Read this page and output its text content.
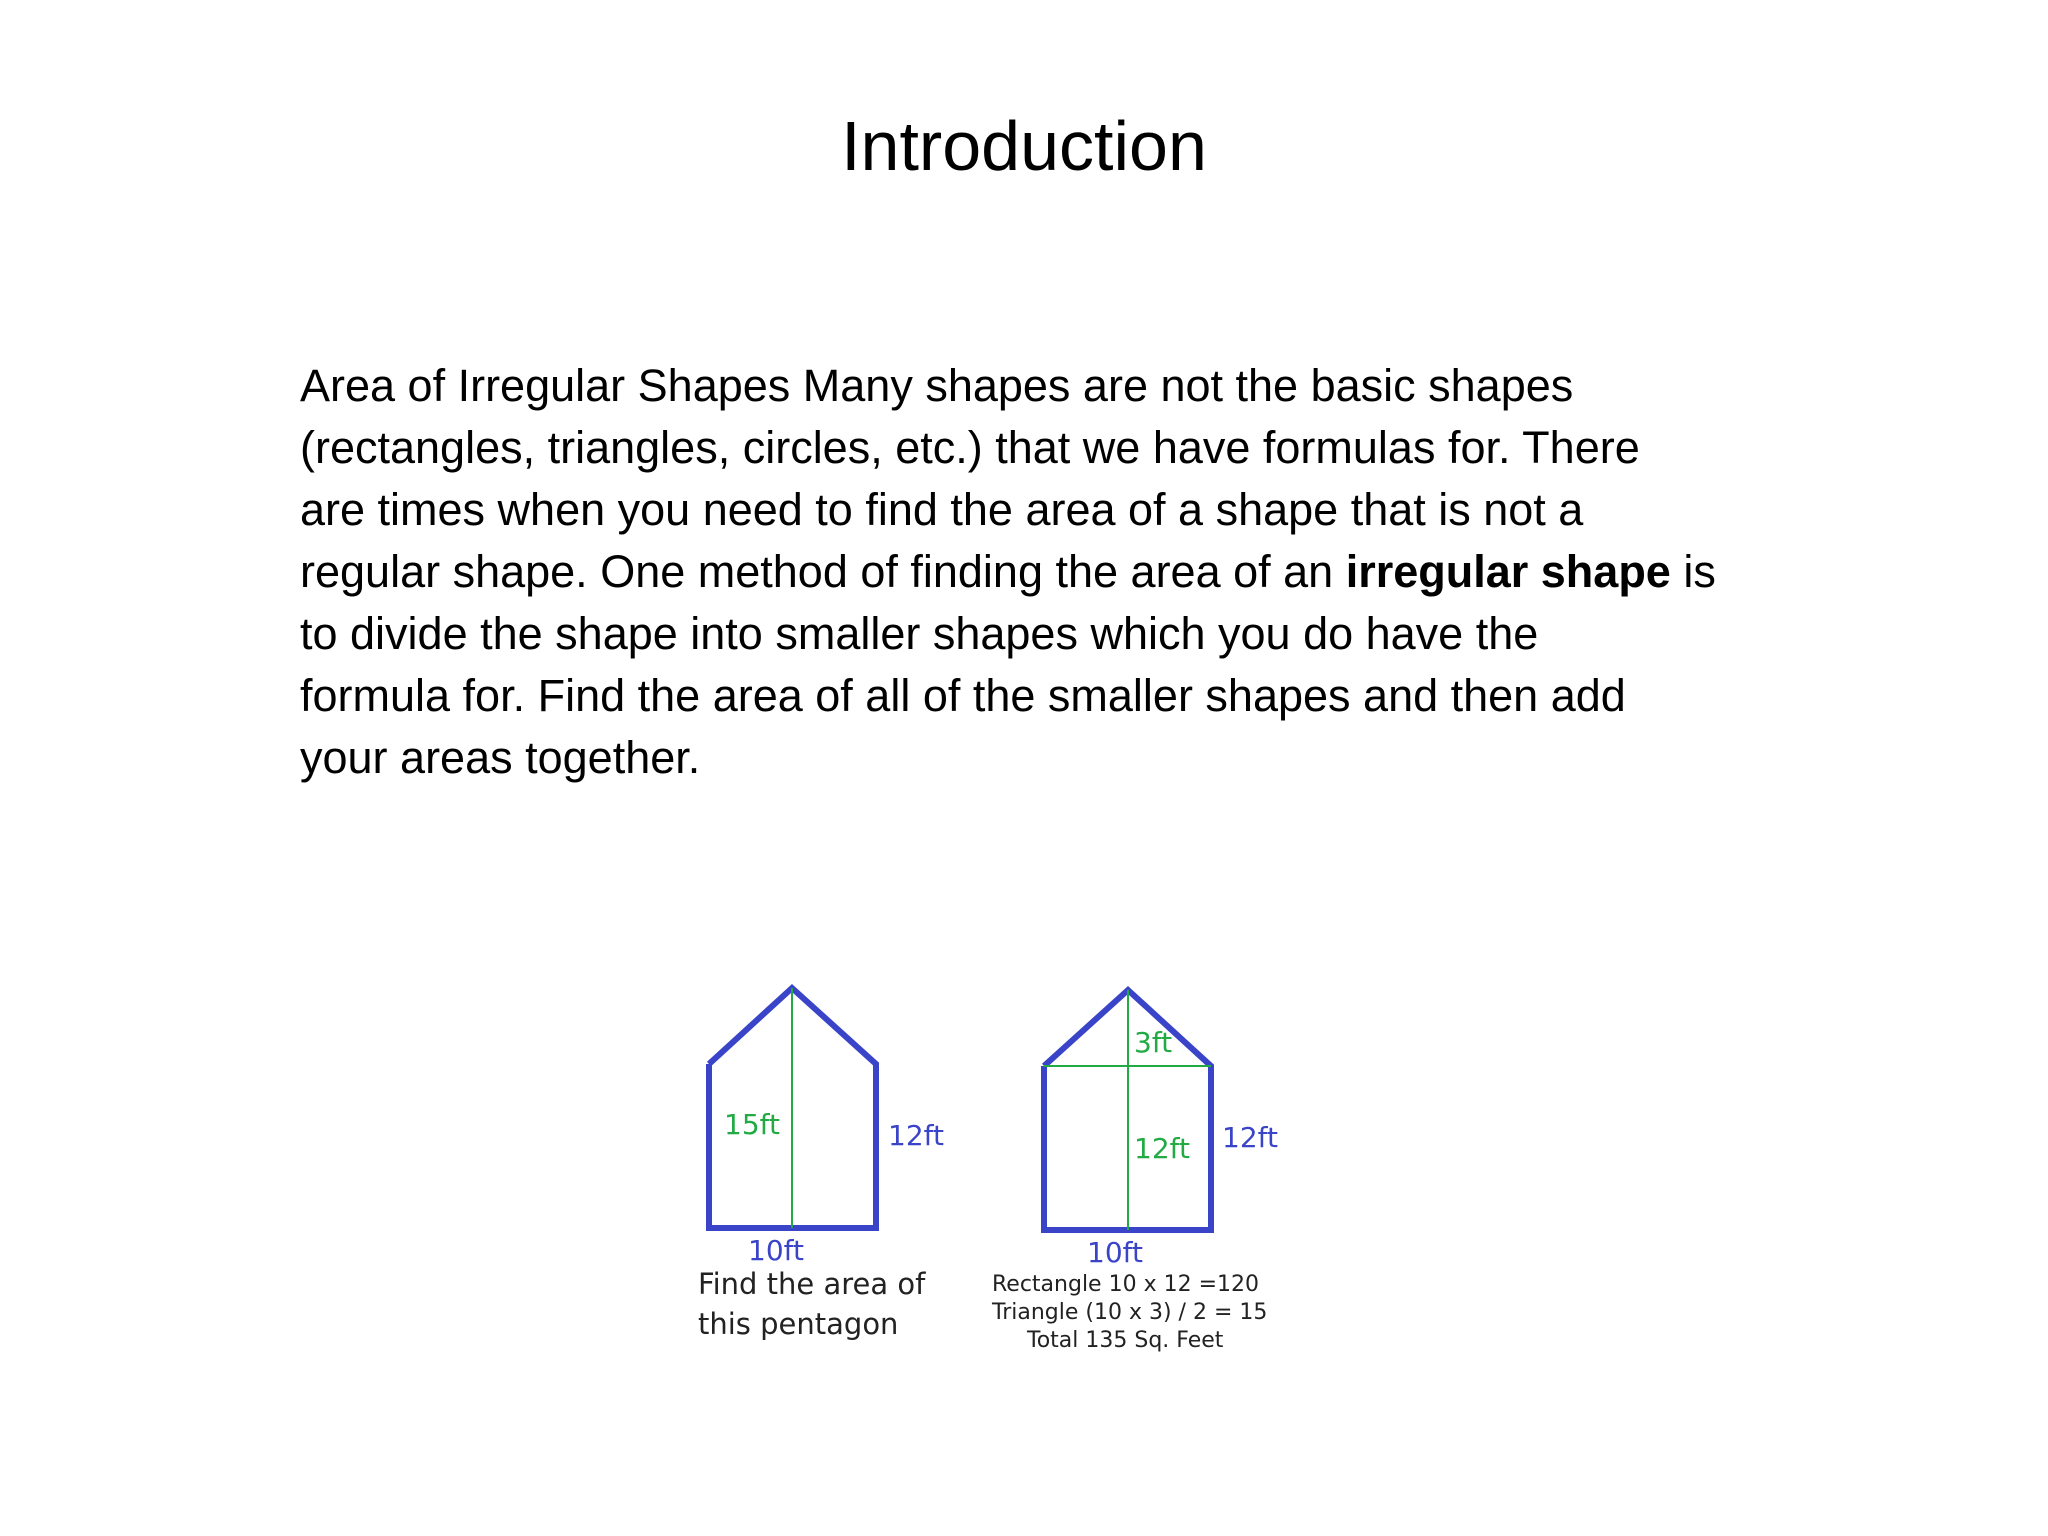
Introduction
Area of Irregular Shapes Many shapes are not the basic shapes
(rectangles, triangles, circles, etc.) that we have formulas for. There
are times when you need to find the area of a shape that is not a
regular shape. One method of finding the area of an irregular shape is
to divide the shape into smaller shapes which you do have the
formula for. Find the area of all of the smaller shapes and then add
your areas together.
15ft	12ft
10ft
Find the area of
this pentagon
3ft
12ft 12ft
10ft
Rectangle 10 x 12 =120
Triangle (10 x 3) / 2 = 15
Total 135 Sq. Feet
